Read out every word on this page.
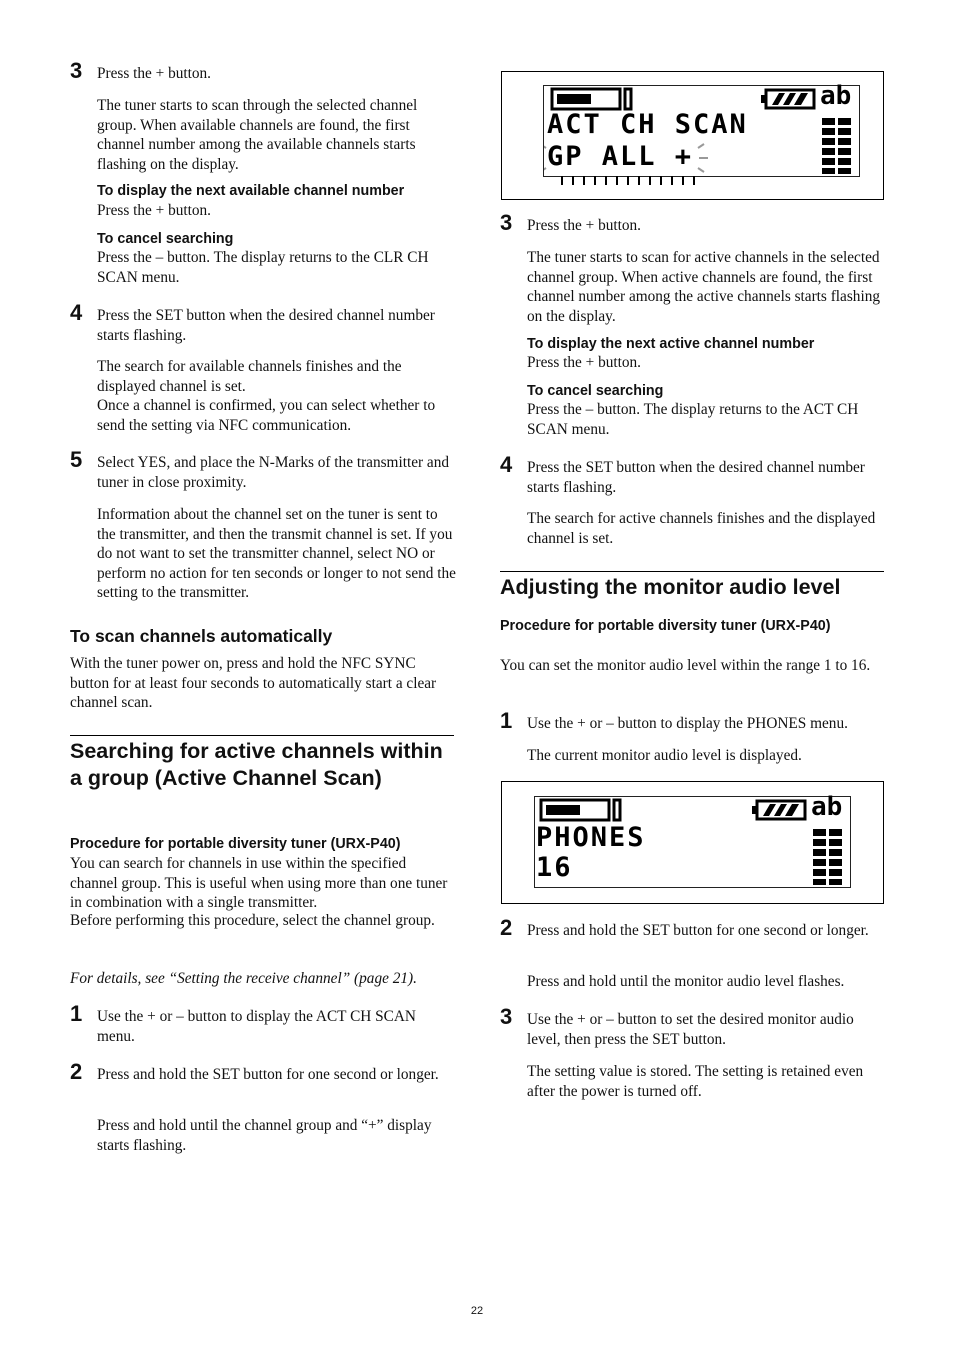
3 Press the + button.
The tuner starts to scan through the selected channel group. When available channels are found, the first channel number among the available channels starts flashing on the display.
To display the next available channel number
Press the + button.
To cancel searching
Press the – button. The display returns to the CLR CH SCAN menu.
4 Press the SET button when the desired channel number starts flashing.
The search for available channels finishes and the displayed channel is set.
Once a channel is confirmed, you can select whether to send the setting via NFC communication.
5 Select YES, and place the N-Marks of the transmitter and tuner in close proximity.
Information about the channel set on the tuner is sent to the transmitter, and then the transmit channel is set. If you do not want to set the transmitter channel, select NO or perform no action for ten seconds or longer to not send the setting to the transmitter.
To scan channels automatically
With the tuner power on, press and hold the NFC SYNC button for at least four seconds to automatically start a clear channel scan.
Searching for active channels within a group (Active Channel Scan)
Procedure for portable diversity tuner (URX-P40)
You can search for channels in use within the specified channel group. This is useful when using more than one tuner in combination with a single transmitter.
Before performing this procedure, select the channel group.
For details, see “Setting the receive channel” (page 21).
1 Use the + or – button to display the ACT CH SCAN menu.
2 Press and hold the SET button for one second or longer.
Press and hold until the channel group and “+” display starts flashing.
ACT CH SCAN
GP ALL +
ab
3 Press the + button.
The tuner starts to scan for active channels in the selected channel group. When active channels are found, the first channel number among the active channels starts flashing on the display.
To display the next active channel number
Press the + button.
To cancel searching
Press the – button. The display returns to the ACT CH SCAN menu.
4 Press the SET button when the desired channel number starts flashing.
The search for active channels finishes and the displayed channel is set.
Adjusting the monitor audio level
Procedure for portable diversity tuner (URX-P40)
You can set the monitor audio level within the range 1 to 16.
1 Use the + or – button to display the PHONES menu.
The current monitor audio level is displayed.
PHONES
16
ab
2 Press and hold the SET button for one second or longer.
Press and hold until the monitor audio level flashes.
3 Use the + or – button to set the desired monitor audio level, then press the SET button.
The setting value is stored. The setting is retained even after the power is turned off.
22
